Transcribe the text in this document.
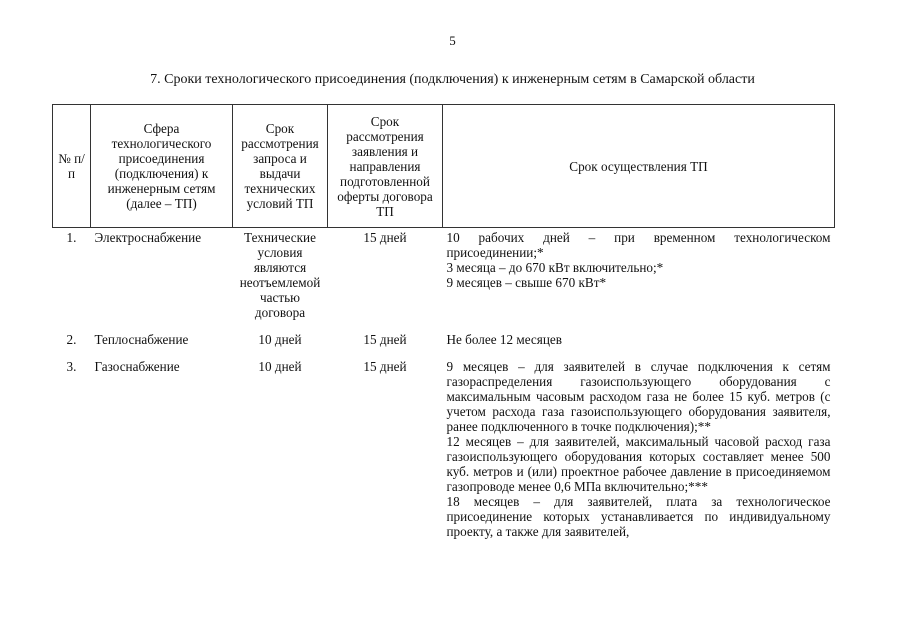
5
7. Сроки технологического присоединения (подключения) к инженерным сетям в Самарской области
№ п/п	Сфера технологического присоединения (подключения) к инженерным сетям (далее – ТП)	Срок рассмотрения запроса и выдачи технических условий ТП	Срок рассмотрения заявления и направления подготовленной оферты договора ТП	Срок осуществления ТП
1.	Электроснабжение	Технические условия являются неотъемлемой частью договора	15 дней	10 рабочих дней – при временном технологическом присоединении;*

3 месяца – до 670 кВт включительно;*

9 месяцев – свыше 670 кВт*

2.	Теплоснабжение	10 дней	15 дней	Не более 12 месяцев

3.	Газоснабжение	10 дней	15 дней	9 месяцев – для заявителей в случае подключения к сетям газораспределения газоиспользующего оборудования с максимальным часовым расходом газа не более 15 куб. метров (с учетом расхода газа газоиспользующего оборудования заявителя, ранее подключенного в точке подключения);**

12 месяцев – для заявителей, максимальный часовой расход газа газоиспользующего оборудования которых составляет менее 500 куб. метров и (или) проектное рабочее давление в присоединяемом газопроводе менее 0,6 МПа включительно;***

18 месяцев – для заявителей, плата за технологическое присоединение которых устанавливается по индивидуальному проекту, а также для заявителей,
